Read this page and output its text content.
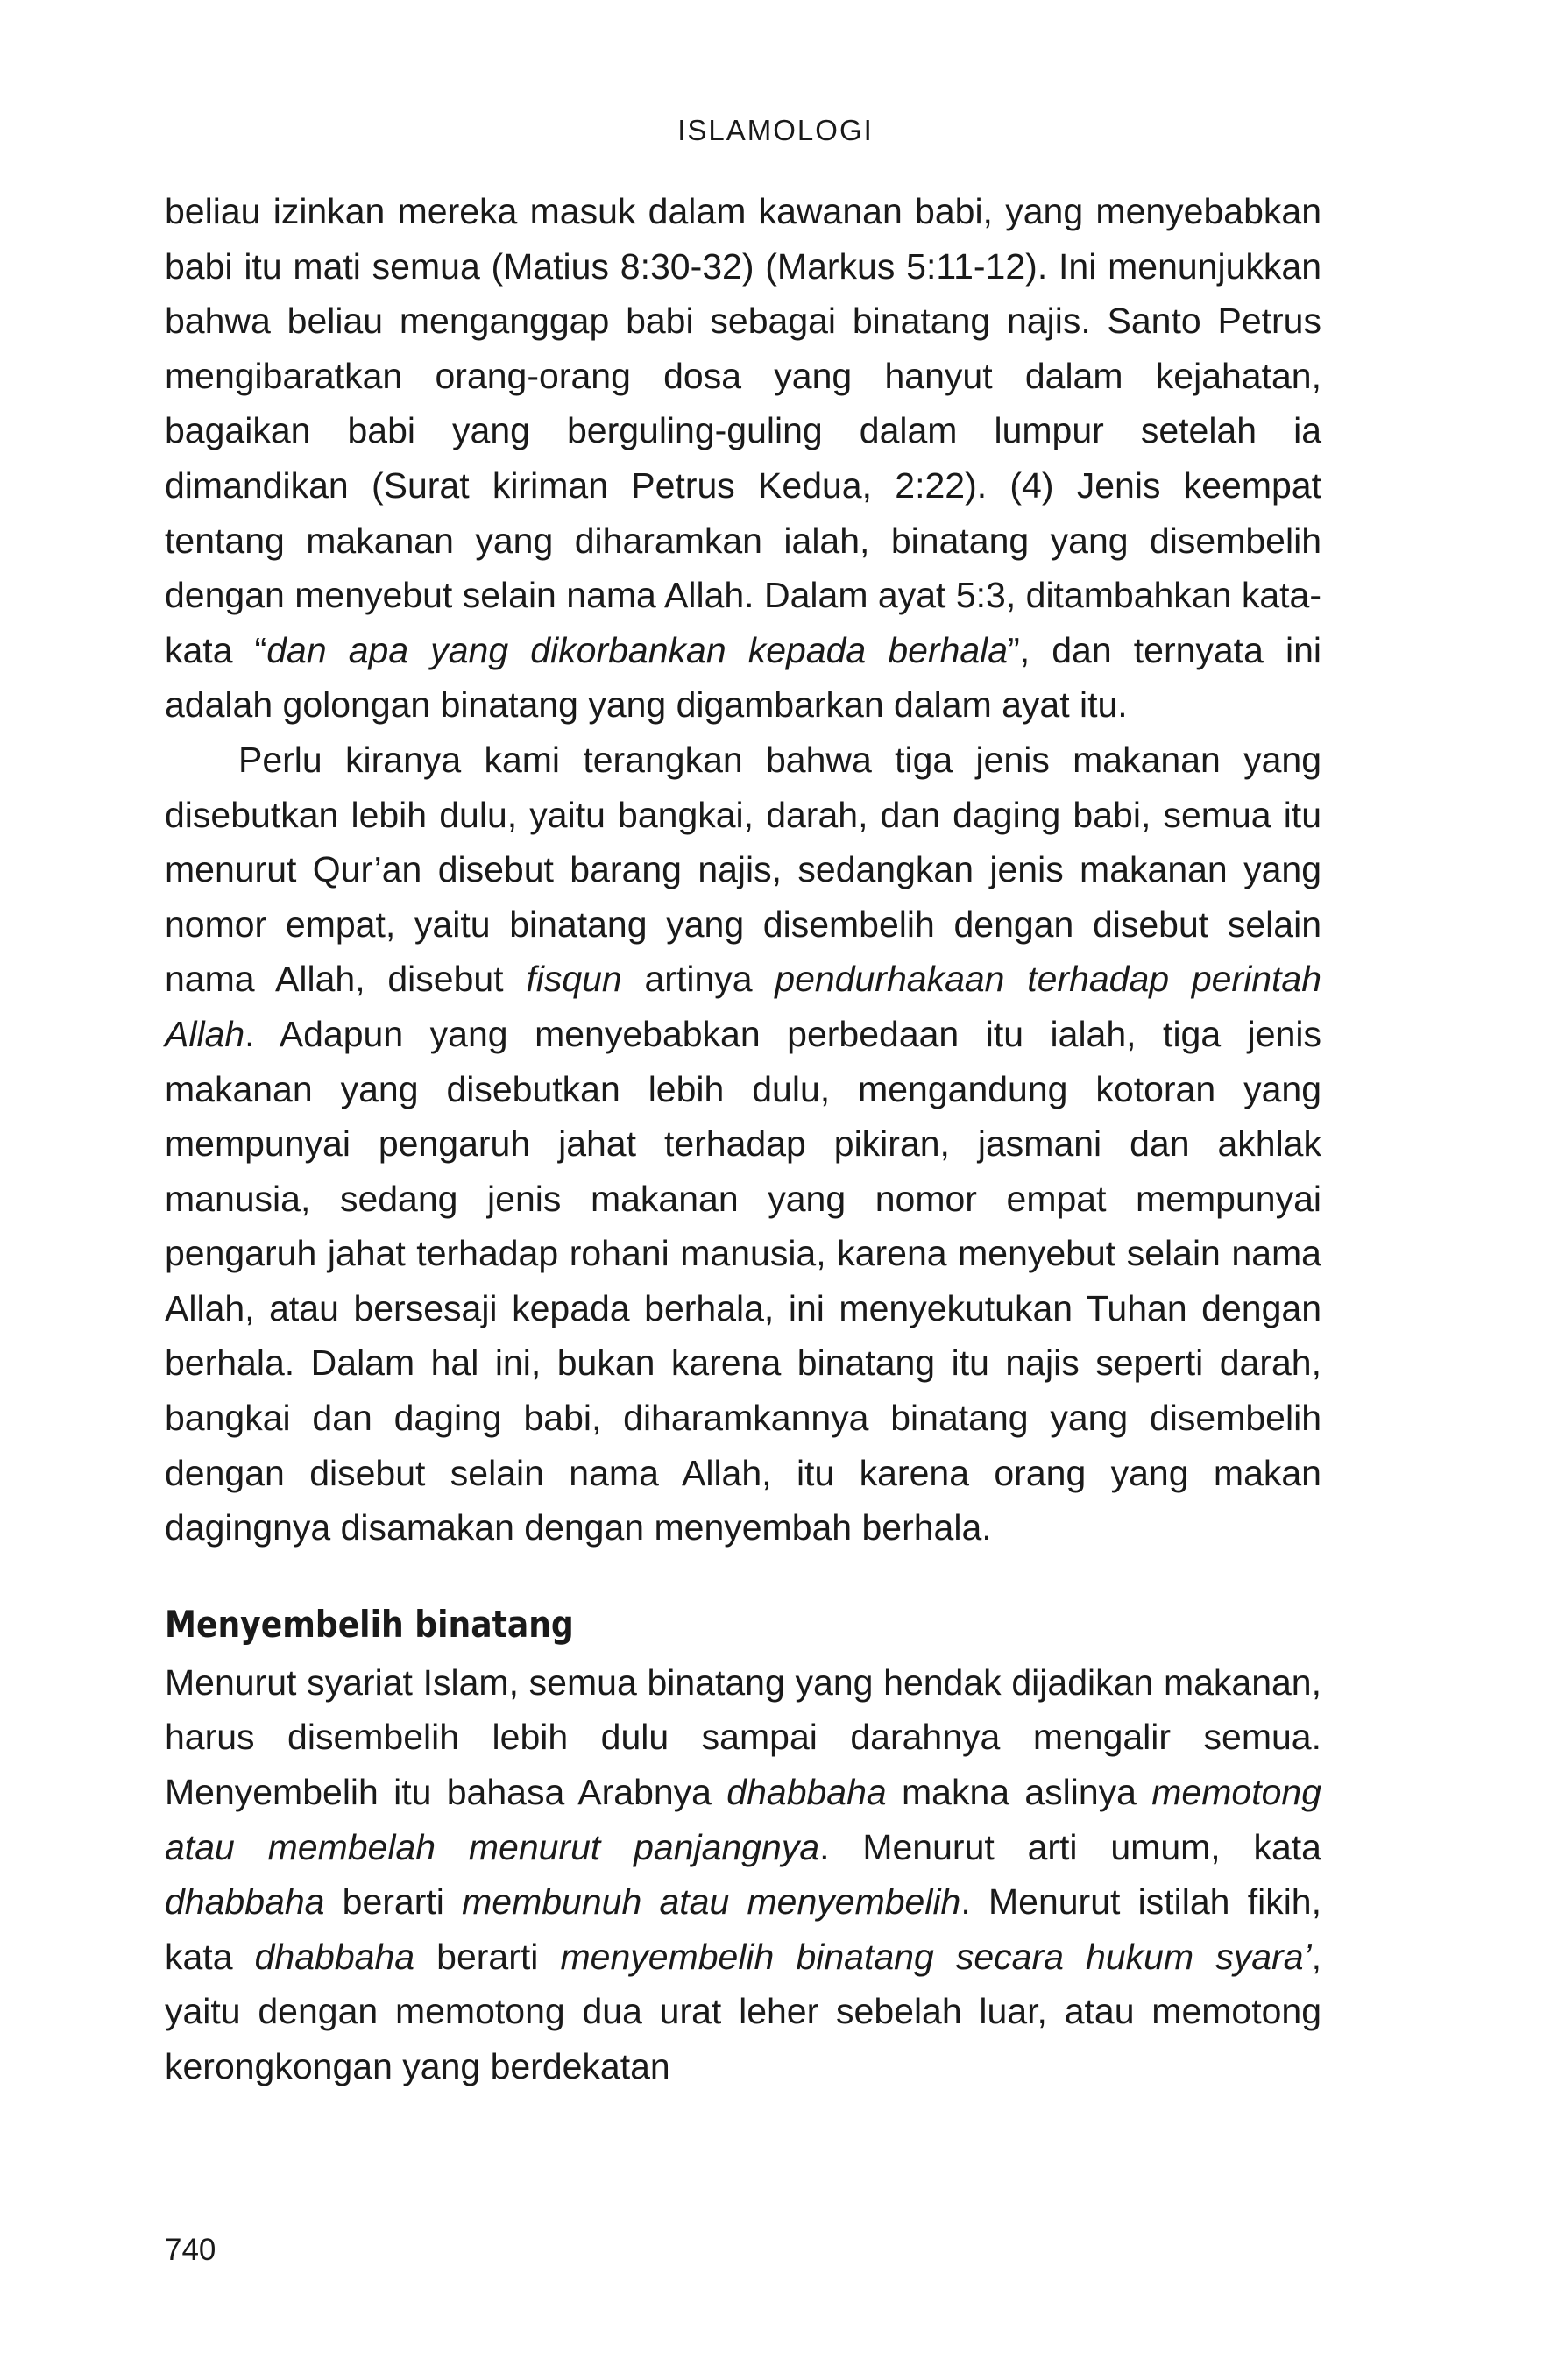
ISLAMOLOGI

beliau izinkan mereka masuk dalam kawanan babi, yang menyebabkan babi itu mati semua (Matius 8:30-32) (Markus 5:11-12). Ini menunjukkan bahwa beliau menganggap babi sebagai binatang najis. Santo Petrus mengibaratkan orang-orang dosa yang hanyut dalam kejahatan, bagaikan babi yang berguling-guling dalam lumpur setelah ia dimandikan (Surat kiriman Petrus Kedua, 2:22). (4) Jenis keempat tentang makanan yang diharamkan ialah, binatang yang disembelih dengan menyebut selain nama Allah. Dalam ayat 5:3, ditambahkan kata-kata “dan apa yang dikorbankan kepada berhala”, dan ternyata ini adalah golongan binatang yang digambarkan dalam ayat itu.

Perlu kiranya kami terangkan bahwa tiga jenis makanan yang disebutkan lebih dulu, yaitu bangkai, darah, dan daging babi, semua itu menurut Qur’an disebut barang najis, sedangkan jenis makanan yang nomor empat, yaitu binatang yang disembelih dengan disebut selain nama Allah, disebut fisqun artinya pendurhakaan terhadap perintah Allah. Adapun yang menyebabkan perbedaan itu ialah, tiga jenis makanan yang disebutkan lebih dulu, mengandung kotoran yang mempunyai pengaruh jahat terhadap pikiran, jasmani dan akhlak manusia, sedang jenis makanan yang nomor empat mempunyai pengaruh jahat terhadap rohani manusia, karena menyebut selain nama Allah, atau bersesaji kepada berhala, ini menyekutukan Tuhan dengan berhala. Dalam hal ini, bukan karena binatang itu najis seperti darah, bangkai dan daging babi, diharamkannya binatang yang disembelih dengan disebut selain nama Allah, itu karena orang yang makan dagingnya disamakan dengan menyembah berhala.

Menyembelih binatang

Menurut syariat Islam, semua binatang yang hendak dijadikan makanan, harus disembelih lebih dulu sampai darahnya mengalir semua. Menyembelih itu bahasa Arabnya dhabbaha makna aslinya memotong atau membelah menurut panjangnya. Menurut arti umum, kata dhabbaha berarti membunuh atau menyembelih. Menurut istilah fikih, kata dhabbaha berarti menyembelih binatang secara hukum syara’, yaitu dengan memotong dua urat leher sebelah luar, atau memotong kerongkongan yang berdekatan

740
